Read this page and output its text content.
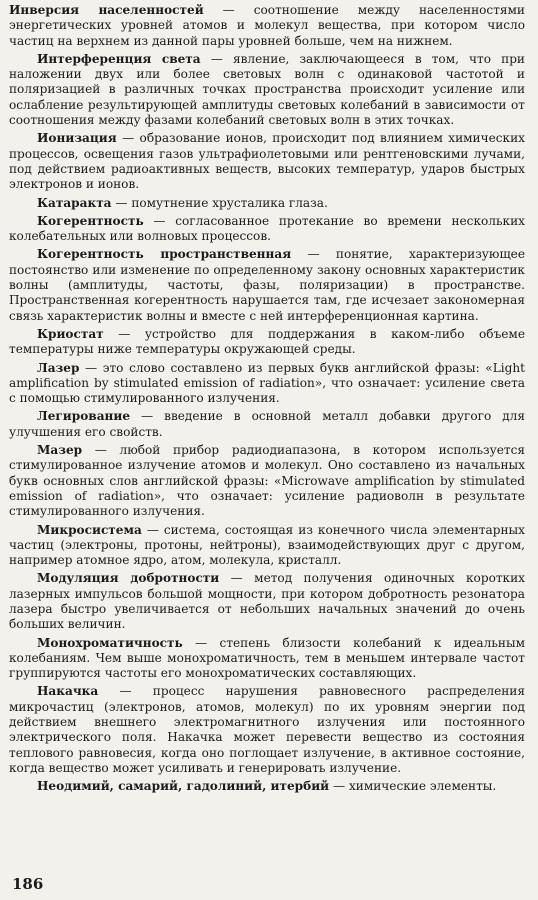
Инверсия населенностей — соотношение между населенностями энергетических уровней атомов и молекул вещества, при котором число частиц на верхнем из данной пары уровней больше, чем на нижнем.

Интерференция света — явление, заключающееся в том, что при наложении двух или более световых волн с одинаковой частотой и поляризацией в различных точках пространства происходит усиление или ослабление результирующей амплитуды световых колебаний в зависимости от соотношения между фазами колебаний световых волн в этих точках.

Ионизация — образование ионов, происходит под влиянием химических процессов, освещения газов ультрафиолетовыми или рентгеновскими лучами, под действием радиоактивных веществ, высоких температур, ударов быстрых электронов и ионов.

Катаракта — помутнение хрусталика глаза.

Когерентность — согласованное протекание во времени нескольких колебательных или волновых процессов.

Когерентность пространственная — понятие, характеризующее постоянство или изменение по определенному закону основных характеристик волны (амплитуды, частоты, фазы, поляризации) в пространстве. Пространственная когерентность нарушается там, где исчезает закономерная связь характеристик волны и вместе с ней интерференционная картина.

Криостат — устройство для поддержания в каком-либо объеме температуры ниже температуры окружающей среды.

Лазер — это слово составлено из первых букв английской фразы: «Light amplification by stimulated emission of radiation», что означает: усиление света с помощью стимулированного излучения.

Легирование — введение в основной металл добавки другого для улучшения его свойств.

Мазер — любой прибор радиодиапазона, в котором используется стимулированное излучение атомов и молекул. Оно составлено из начальных букв основных слов английской фразы: «Microwave amplification by stimulated emission of radiation», что означает: усиление радиоволн в результате стимулированного излучения.

Микросистема — система, состоящая из конечного числа элементарных частиц (электроны, протоны, нейтроны), взаимодействующих друг с другом, например атомное ядро, атом, молекула, кристалл.

Модуляция добротности — метод получения одиночных коротких лазерных импульсов большой мощности, при котором добротность резонатора лазера быстро увеличивается от небольших начальных значений до очень больших величин.

Монохроматичность — степень близости колебаний к идеальным колебаниям. Чем выше монохроматичность, тем в меньшем интервале частот группируются частоты его монохроматических составляющих.

Накачка — процесс нарушения равновесного распределения микрочастиц (электронов, атомов, молекул) по их уровням энергии под действием внешнего электромагнитного излучения или постоянного электрического поля. Накачка может перевести вещество из состояния теплового равновесия, когда оно поглощает излучение, в активное состояние, когда вещество может усиливать и генерировать излучение.

Неодимий, самарий, гадолиний, итербий — химические элементы.

186
